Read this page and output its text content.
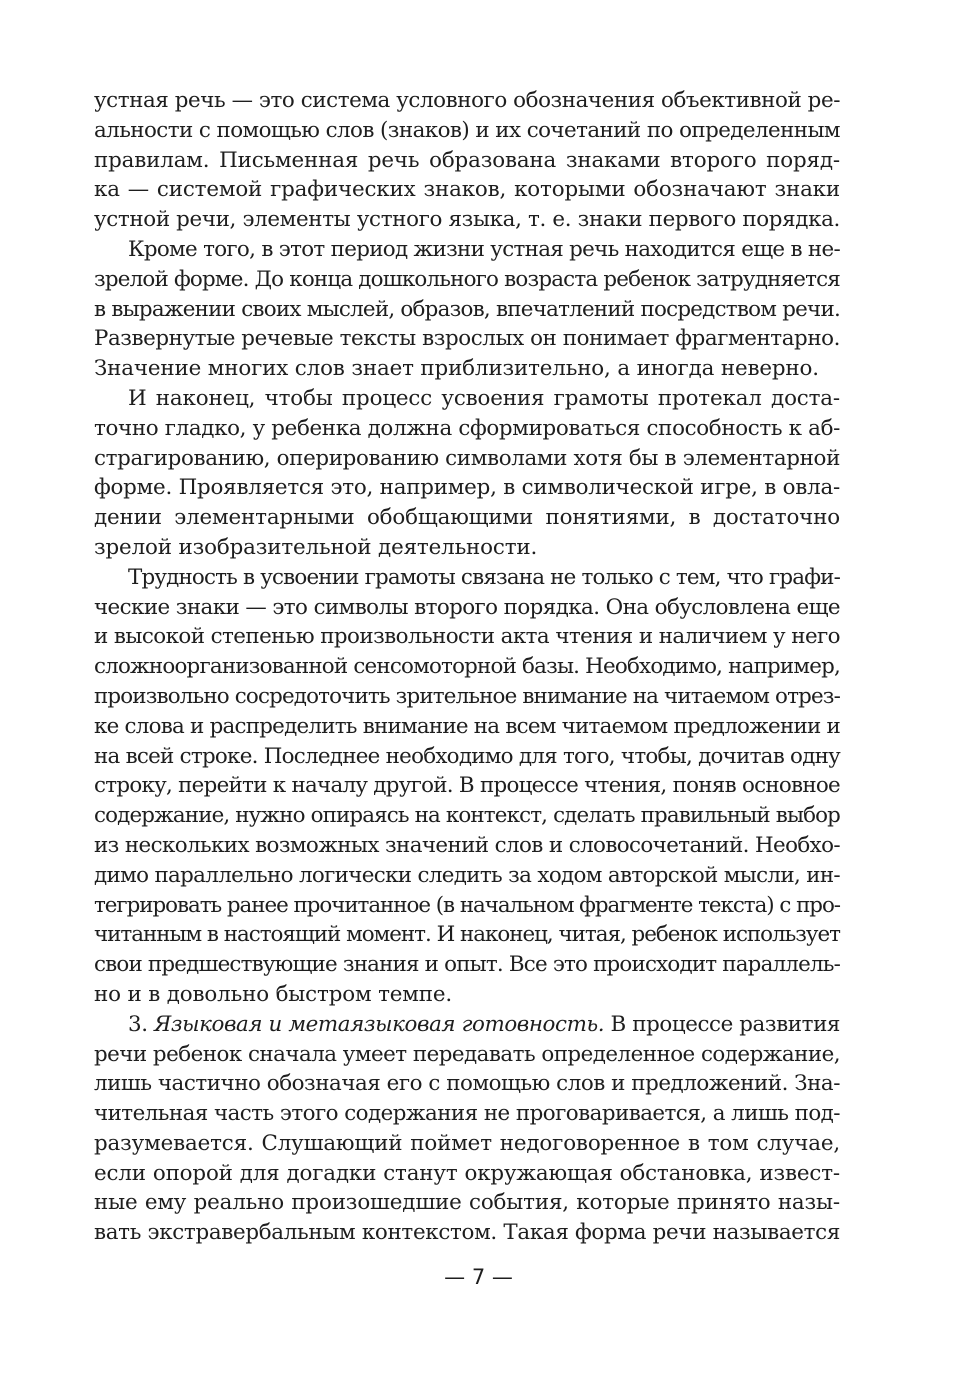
устная речь — это система условного обозначения объективной ре-
альности с помощью слов (знаков) и их сочетаний по определенным
правилам. Письменная речь образована знаками второго поряд-
ка — системой графических знаков, которыми обозначают знаки
устной речи, элементы устного языка, т. е. знаки первого порядка.
Кроме того, в этот период жизни устная речь находится еще в не-
зрелой форме. До конца дошкольного возраста ребенок затрудняется
в выражении своих мыслей, образов, впечатлений посредством речи.
Развернутые речевые тексты взрослых он понимает фрагментарно.
Значение многих слов знает приблизительно, а иногда неверно.
И наконец, чтобы процесс усвоения грамоты протекал доста-
точно гладко, у ребенка должна сформироваться способность к аб-
страгированию, оперированию символами хотя бы в элементарной
форме. Проявляется это, например, в символической игре, в овла-
дении элементарными обобщающими понятиями, в достаточно
зрелой изобразительной деятельности.
Трудность в усвоении грамоты связана не только с тем, что графи-
ческие знаки — это символы второго порядка. Она обусловлена еще
и высокой степенью произвольности акта чтения и наличием у него
сложноорганизованной сенсомоторной базы. Необходимо, например,
произвольно сосредоточить зрительное внимание на читаемом отрез-
ке слова и распределить внимание на всем читаемом предложении и
на всей строке. Последнее необходимо для того, чтобы, дочитав одну
строку, перейти к началу другой. В процессе чтения, поняв основное
содержание, нужно опираясь на контекст, сделать правильный выбор
из нескольких возможных значений слов и словосочетаний. Необхо-
димо параллельно логически следить за ходом авторской мысли, ин-
тегрировать ранее прочитанное (в начальном фрагменте текста) с про-
читанным в настоящий момент. И наконец, читая, ребенок использует
свои предшествующие знания и опыт. Все это происходит параллель-
но и в довольно быстром темпе.
3. Языковая и метаязыковая готовность. В процессе развития
речи ребенок сначала умеет передавать определенное содержание,
лишь частично обозначая его с помощью слов и предложений. Зна-
чительная часть этого содержания не проговаривается, а лишь под-
разумевается. Слушающий поймет недоговоренное в том случае,
если опорой для догадки станут окружающая обстановка, извест-
ные ему реально произошедшие события, которые принято назы-
вать экстравербальным контекстом. Такая форма речи называется
— 7 —
